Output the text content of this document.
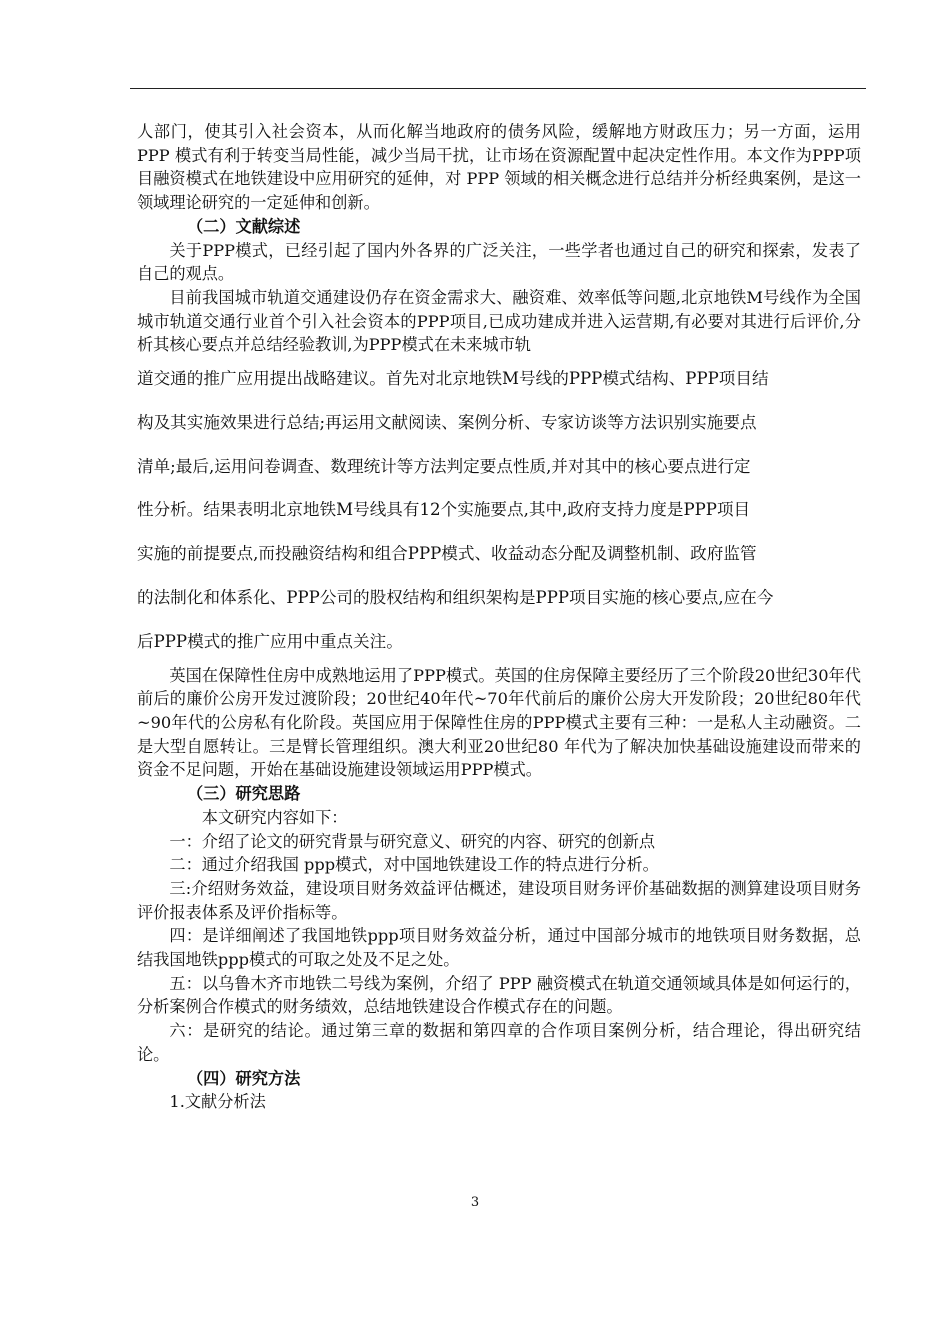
人部门，使其引入社会资本，从而化解当地政府的债务风险，缓解地方财政压力；另一方面，运用PPP 模式有利于转变当局性能，减少当局干扰，让市场在资源配置中起决定性作用。本文作为PPP项目融资模式在地铁建设中应用研究的延伸，对 PPP 领域的相关概念进行总结并分析经典案例，是这一领域理论研究的一定延伸和创新。

（二）文献综述

关于PPP模式，已经引起了国内外各界的广泛关注，一些学者也通过自己的研究和探索，发表了自己的观点。

目前我国城市轨道交通建设仍存在资金需求大、融资难、效率低等问题,北京地铁M号线作为全国城市轨道交通行业首个引入社会资本的PPP项目,已成功建成并进入运营期,有必要对其进行后评价,分析其核心要点并总结经验教训,为PPP模式在未来城市轨

道交通的推广应用提出战略建议。首先对北京地铁M号线的PPP模式结构、PPP项目结

构及其实施效果进行总结;再运用文献阅读、案例分析、专家访谈等方法识别实施要点

清单;最后,运用问卷调查、数理统计等方法判定要点性质,并对其中的核心要点进行定

性分析。结果表明北京地铁M号线具有12个实施要点,其中,政府支持力度是PPP项目

实施的前提要点,而投融资结构和组合PPP模式、收益动态分配及调整机制、政府监管

的法制化和体系化、PPP公司的股权结构和组织架构是PPP项目实施的核心要点,应在今

后PPP模式的推广应用中重点关注。

英国在保障性住房中成熟地运用了PPP模式。英国的住房保障主要经历了三个阶段20世纪30年代前后的廉价公房开发过渡阶段；20世纪40年代~70年代前后的廉价公房大开发阶段；20世纪80年代~90年代的公房私有化阶段。英国应用于保障性住房的PPP模式主要有三种：一是私人主动融资。二是大型自愿转让。三是臂长管理组织。澳大利亚20世纪80 年代为了解决加快基础设施建设而带来的资金不足问题，开始在基础设施建设领域运用PPP模式。

（三）研究思路

本文研究内容如下：

一：介绍了论文的研究背景与研究意义、研究的内容、研究的创新点

二：通过介绍我国 ppp模式，对中国地铁建设工作的特点进行分析。

三:介绍财务效益，建设项目财务效益评估概述，建设项目财务评价基础数据的测算建设项目财务评价报表体系及评价指标等。

四：是详细阐述了我国地铁ppp项目财务效益分析，通过中国部分城市的地铁项目财务数据，总结我国地铁ppp模式的可取之处及不足之处。

五：以乌鲁木齐市地铁二号线为案例，介绍了 PPP 融资模式在轨道交通领域具体是如何运行的，分析案例合作模式的财务绩效，总结地铁建设合作模式存在的问题。

六：是研究的结论。通过第三章的数据和第四章的合作项目案例分析，结合理论，得出研究结论。

（四）研究方法

1.文献分析法

3
